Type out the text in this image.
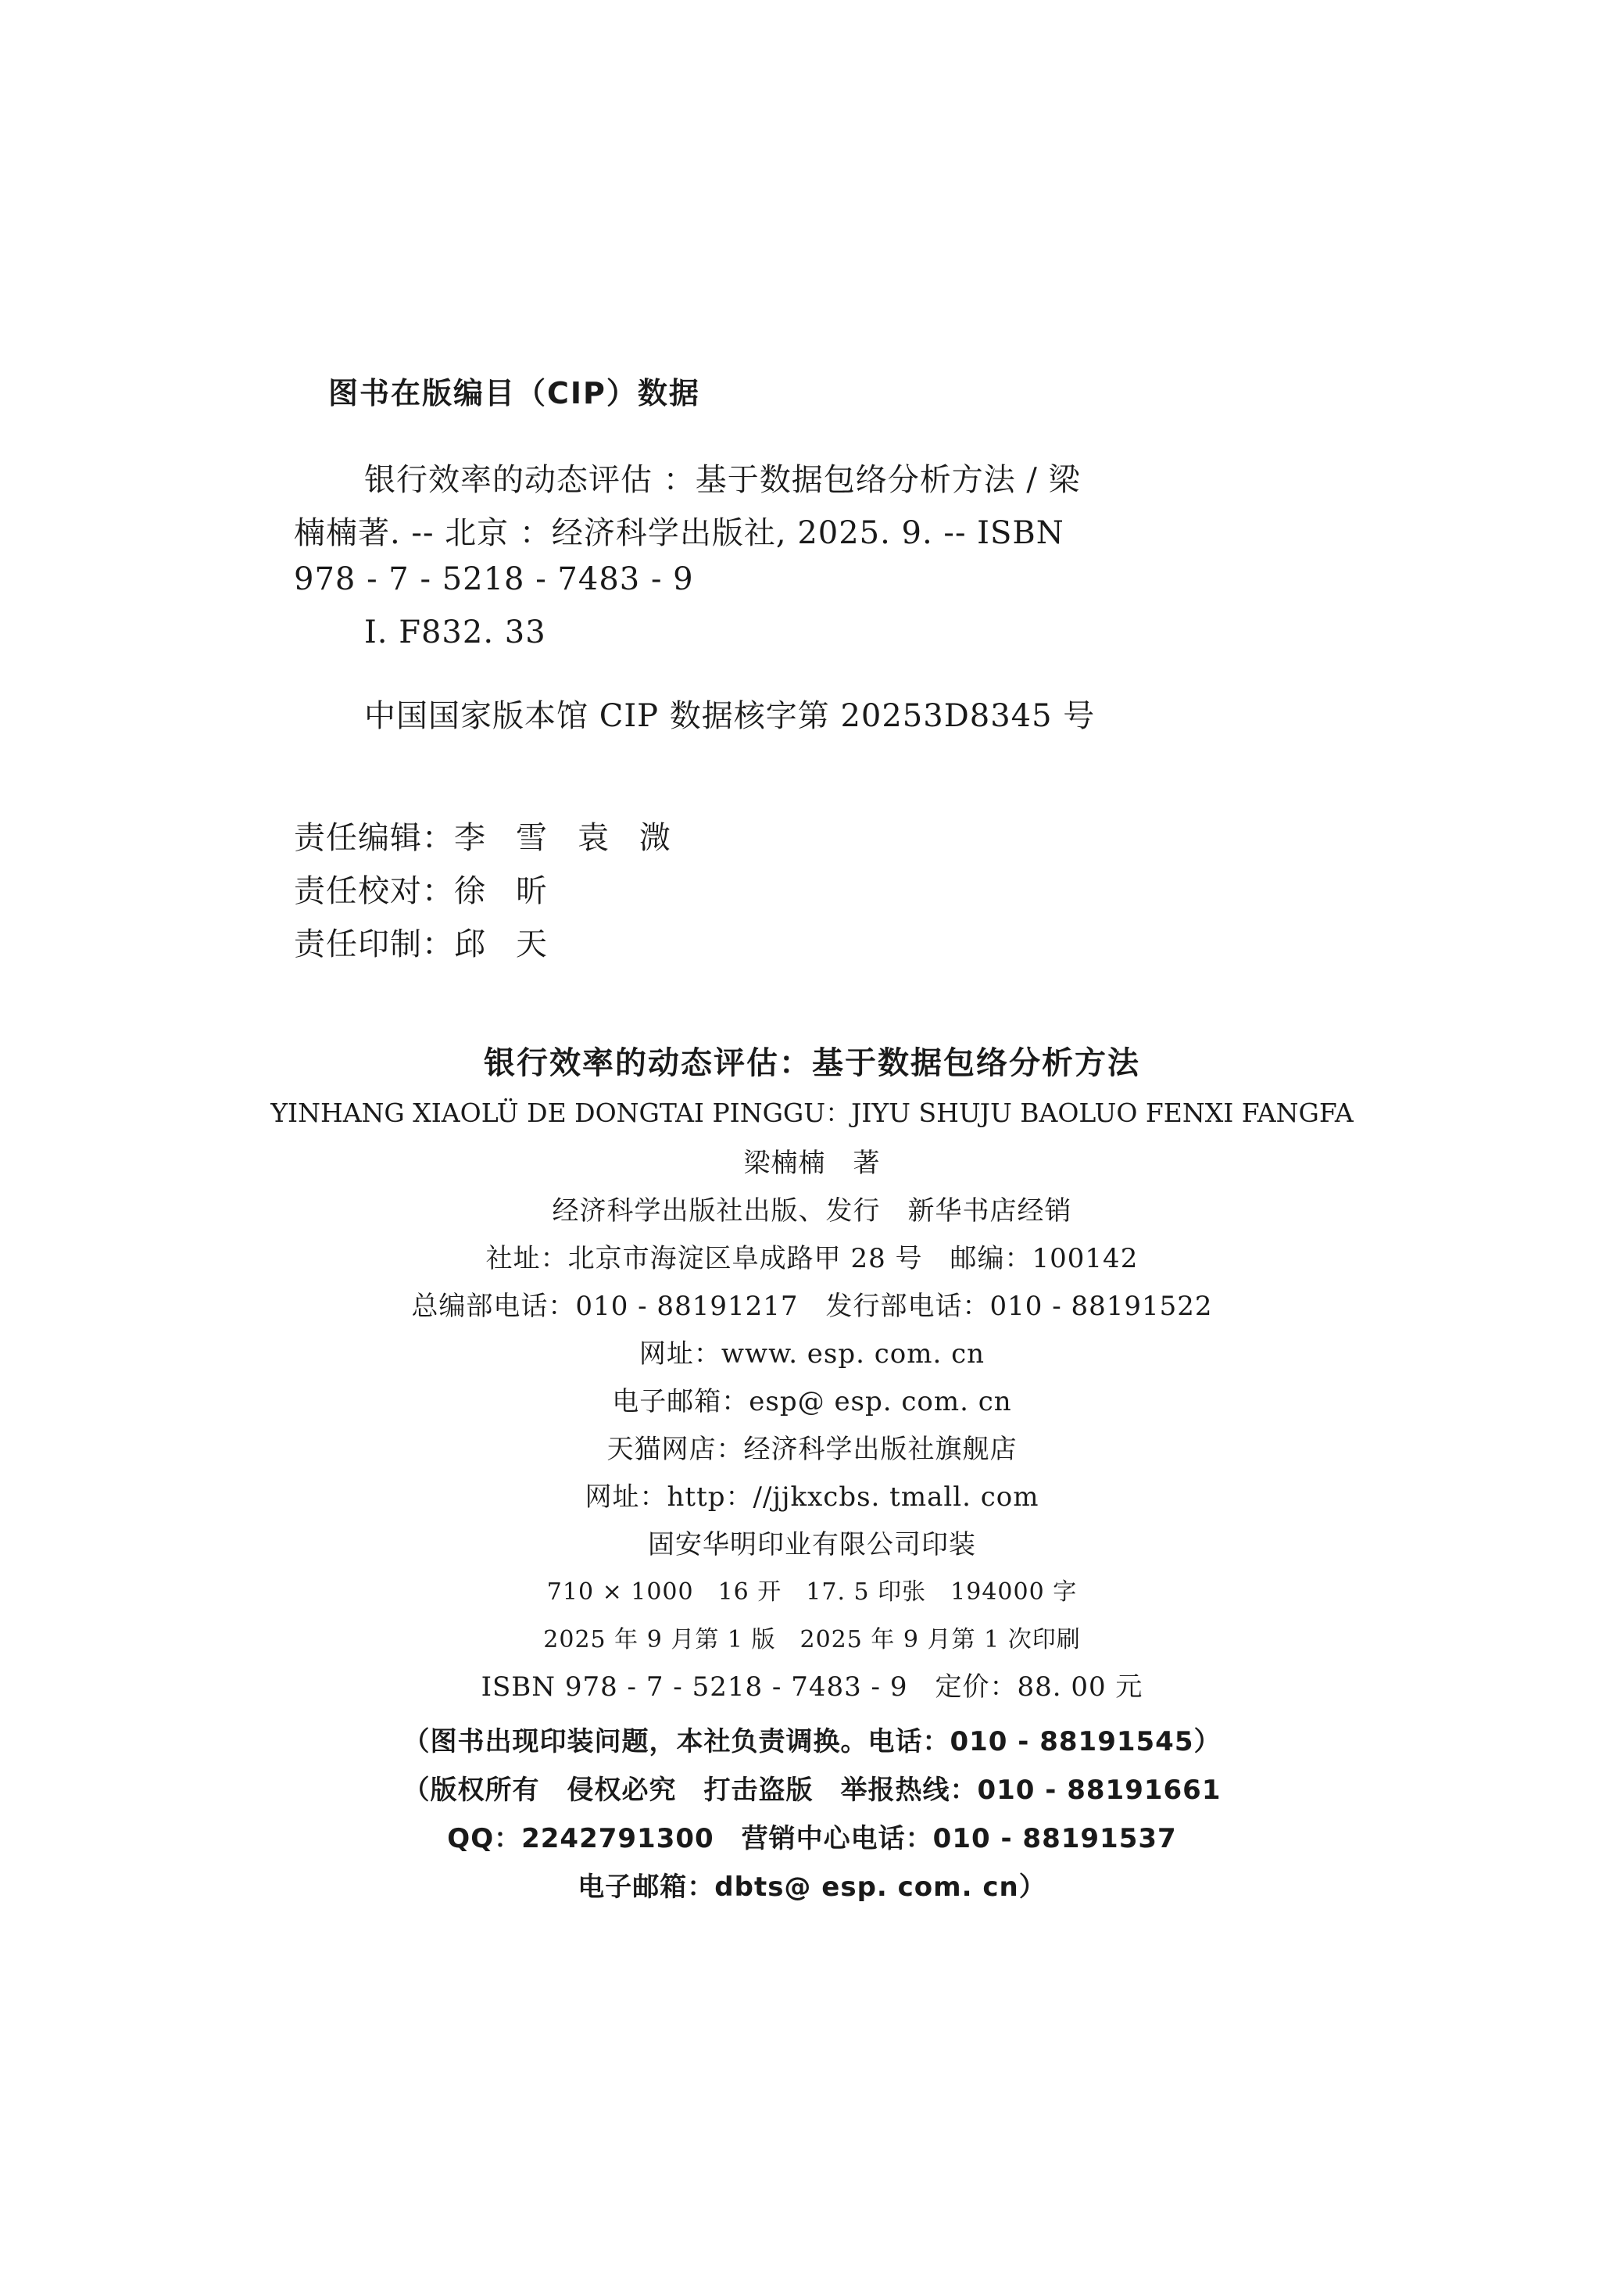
图书在版编目（CIP）数据
银行效率的动态评估 ：基于数据包络分析方法 / 梁
楠楠著. -- 北京 ：经济科学出版社, 2025. 9. -- ISBN
978 - 7 - 5218 - 7483 - 9
Ⅰ. F832. 33
中国国家版本馆 CIP 数据核字第 20253D8345 号
责任编辑：李 雪 袁 溦
责任校对：徐 昕
责任印制：邱 天
银行效率的动态评估：基于数据包络分析方法
YINHANG XIAOLÜ DE DONGTAI PINGGU：JIYU SHUJU BAOLUO FENXI FANGFA
梁楠楠　著
经济科学出版社出版、发行　新华书店经销
社址：北京市海淀区阜成路甲 28 号　邮编：100142
总编部电话：010 - 88191217　发行部电话：010 - 88191522
网址：www. esp. com. cn
电子邮箱：esp@ esp. com. cn
天猫网店：经济科学出版社旗舰店
网址：http：//jjkxcbs. tmall. com
固安华明印业有限公司印装
710 × 1000　16 开　17. 5 印张　194000 字
2025 年 9 月第 1 版　2025 年 9 月第 1 次印刷
ISBN 978 - 7 - 5218 - 7483 - 9　定价：88. 00 元
（图书出现印装问题，本社负责调换。电话：010 - 88191545）
（版权所有　侵权必究　打击盗版　举报热线：010 - 88191661
QQ：2242791300　营销中心电话：010 - 88191537
电子邮箱：dbts@ esp. com. cn）
